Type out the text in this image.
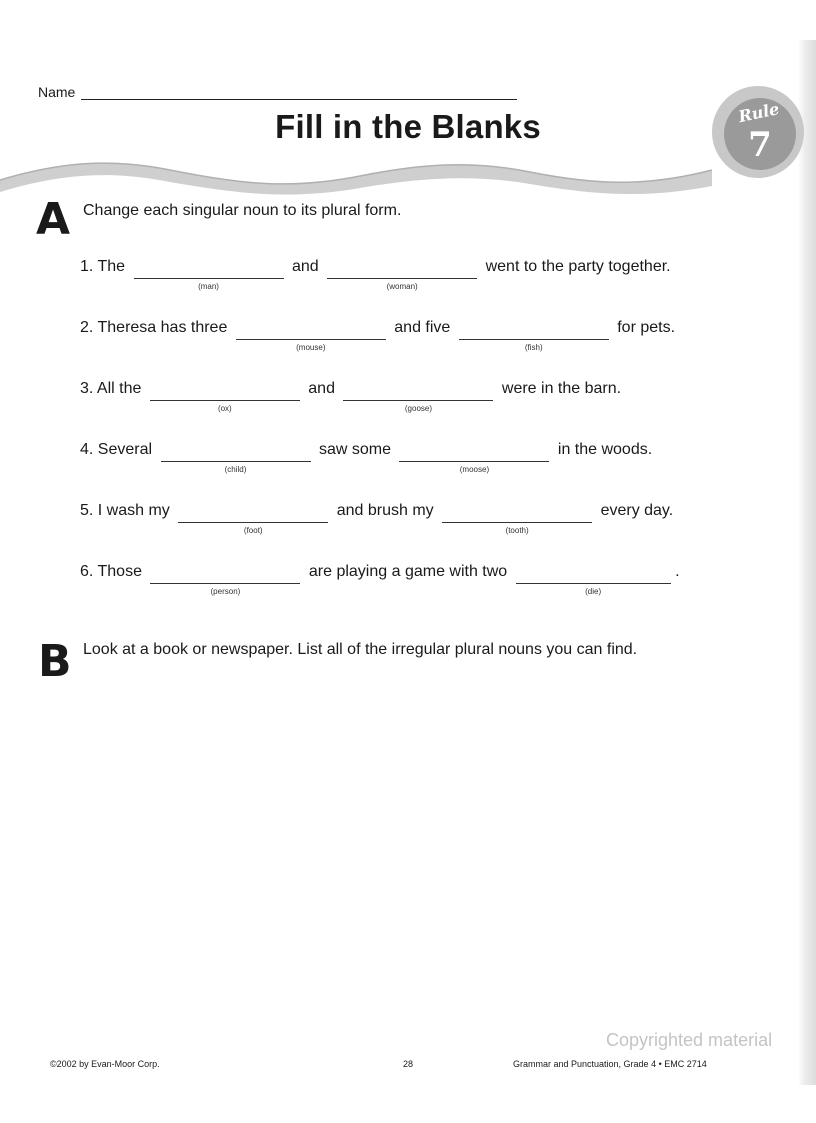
Name
Fill in the Blanks	Rule
7
A Change each singular noun to its plural form.
1. The
(man)
and
(woman)
went to the party together.
2. Theresa has three
(mouse)
and five
(fish)
for pets.
3. All the
(ox)
and
(goose)
were in the barn.
4. Several
(child)
saw some
(moose)
in the woods.
5. I wash my
(foot)
and brush my
(tooth)
every day.
6. Those
(person)
are playing a game with two
(die)
.
B Look at a book or newspaper. List all of the irregular plural nouns you can find.
Copyrighted material
©2002 by Evan-Moor Corp.	28	Grammar and Punctuation, Grade 4 • EMC 2714
